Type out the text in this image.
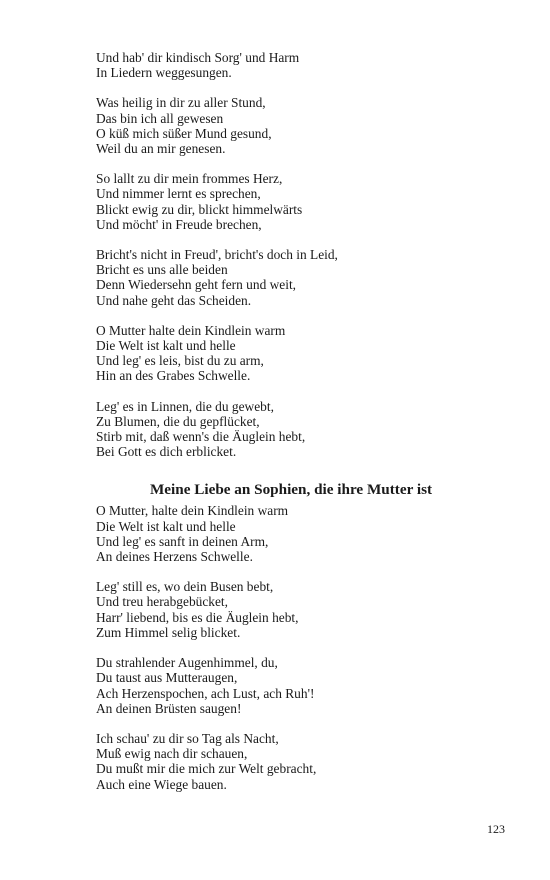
Und hab' dir kindisch Sorg' und Harm
In Liedern weggesungen.
Was heilig in dir zu aller Stund,
Das bin ich all gewesen
O küß mich süßer Mund gesund,
Weil du an mir genesen.
So lallt zu dir mein frommes Herz,
Und nimmer lernt es sprechen,
Blickt ewig zu dir, blickt himmelwärts
Und möcht' in Freude brechen,
Bricht's nicht in Freud', bricht's doch in Leid,
Bricht es uns alle beiden
Denn Wiedersehn geht fern und weit,
Und nahe geht das Scheiden.
O Mutter halte dein Kindlein warm
Die Welt ist kalt und helle
Und leg' es leis, bist du zu arm,
Hin an des Grabes Schwelle.
Leg' es in Linnen, die du gewebt,
Zu Blumen, die du gepflücket,
Stirb mit, daß wenn's die Äuglein hebt,
Bei Gott es dich erblicket.
Meine Liebe an Sophien, die ihre Mutter ist
O Mutter, halte dein Kindlein warm
Die Welt ist kalt und helle
Und leg' es sanft in deinen Arm,
An deines Herzens Schwelle.
Leg' still es, wo dein Busen bebt,
Und treu herabgebücket,
Harr' liebend, bis es die Äuglein hebt,
Zum Himmel selig blicket.
Du strahlender Augenhimmel, du,
Du taust aus Mutteraugen,
Ach Herzenspochen, ach Lust, ach Ruh'!
An deinen Brüsten saugen!
Ich schau' zu dir so Tag als Nacht,
Muß ewig nach dir schauen,
Du mußt mir die mich zur Welt gebracht,
Auch eine Wiege bauen.
123
